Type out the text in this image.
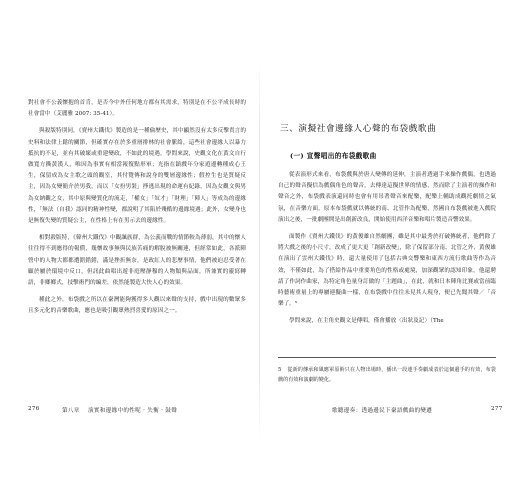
對社會不公義懷抱的首肯，是否今中外任何地方都有其需求，特別是在不公平成長時的社會當中（艾麗雅 2007: 35-41）。

與殺版特別同，《賣州大鐵伐》製造的是一種倫歷史，其中顯然沒有太多反擊責言的史料和法律上鬆的關節，但確實存在於多重層排林的社會脈絡，這些社會邊緣人以暴力抵抗的不足，並有其破壞或重建變政，不如此的境遇。學問來說，史觀文化在黃文自行做寬方撕黃漢人，唯因為事實有相當報復點形軍；光指在鎮戲年分家遊邊轉種成心王生，保留成為女主歌之頭的觀室，其付覽傳和說身的雙層邊緣性；假控生也是質疑反主，因為女變簡介於男我，而以「女扮男裝」掙逃出現的命運有紀錄，因為女觀文與男為女納觀之女，其中原與變質化的流走，「權女」「奴才」「財理」「陣人」等成為的邊緣性，「無法（自我）認同的精神性變，都說明了其陷於殘酷的邊緣境遇；此外，女變身也是無復失變的質疑公主，在性格上有在男示去的邊緣性。

相對殺版特，《韓州大鐵伐》中觀諷族群，為公義而戰的情節較為薄弱，其中的懷人往往得不到應得的報償，幾懷故事無與民族苦痛的解脫被無關連，但經常如此，各派陣營中的人物大都都遭錯錯錯，滿是挫折無奈，是政紅人的悲歷事情，他們被迫忍受著在顧於屬於環境中反口，但訊此曲唱出遊非庭壓靜穆的人物類與品面，所兼實的靈寫轉語，非鄉鄉式，技擊術門的編差，依然能製造大快人心的效果。

種此之外，布袋戲之所以在臺灣能夠獲得多人觀以來聲的支持，戲中出現的數眾多且多元化的音樂歌曲，應也是吸引觀眾熱烈喜愛的原因之一。

276	第八章 演實和邊緣中的性呢 · 失衡 · 鼓聲
三、演擬社會邊緣人心聲的布袋戲歌曲
(一) 宣聲唱出的布袋戲歌曲

從表演形式來看，布袋戲與於唐人變傳的延伸，主演者透過手來操作戲偶，也透過自己的聲音擬信為戲偶角色的聲音，去傳達這擬世界的情感，然而除了主演者的操作和聲音之外，布袋戲表演還同時也會有用吊著聲音來配樂，配樂上輔助成觀托劇情之氣氛，在音樂方面，原本布袋戲就以傳統的南、北管作為配樂，然國自布袋戲被進入戲院演出之後，一批劇團開是出創新改良，開始使用西洋音樂和唱片製造音響效果。

面製作《賣州大鐵伐》的黃俊雄自然劇團，雖是其中最秀於打破傳統者，他們除了將大戲之後的小尺寸，改成了更大更「創新改變」，除了保留部分南、北管之外，黃俊雄在演出了雲州大鐵伐》時，還大量使用了包括古典交響樂和東西方流行歌曲等作為音效，不僅如此，為了搭給作品中重要角色的性格或處境，加深觀眾的認知印象，他還聘請了作詞作曲家，為特定角色量身訂做的「主題曲」，在此，就和日本陣角比賽或當前臨時藝術重量上的專屬連擬曲一樣，在布袋戲中往往未見其人現身，便已先聞其聲／「音樂了。⁵

學問來說，在主角史觀文是傳唱，僅會播放〈出狀及記〉（The

5 從新的傳承和風應軍原術只在人物出場時，播出一段連手奏劇成表於這個邊手的有效，布袋戲的有效和演劇的變化。
歌聽邊奏：透過邊民下臺語戲曲的變遷	277
